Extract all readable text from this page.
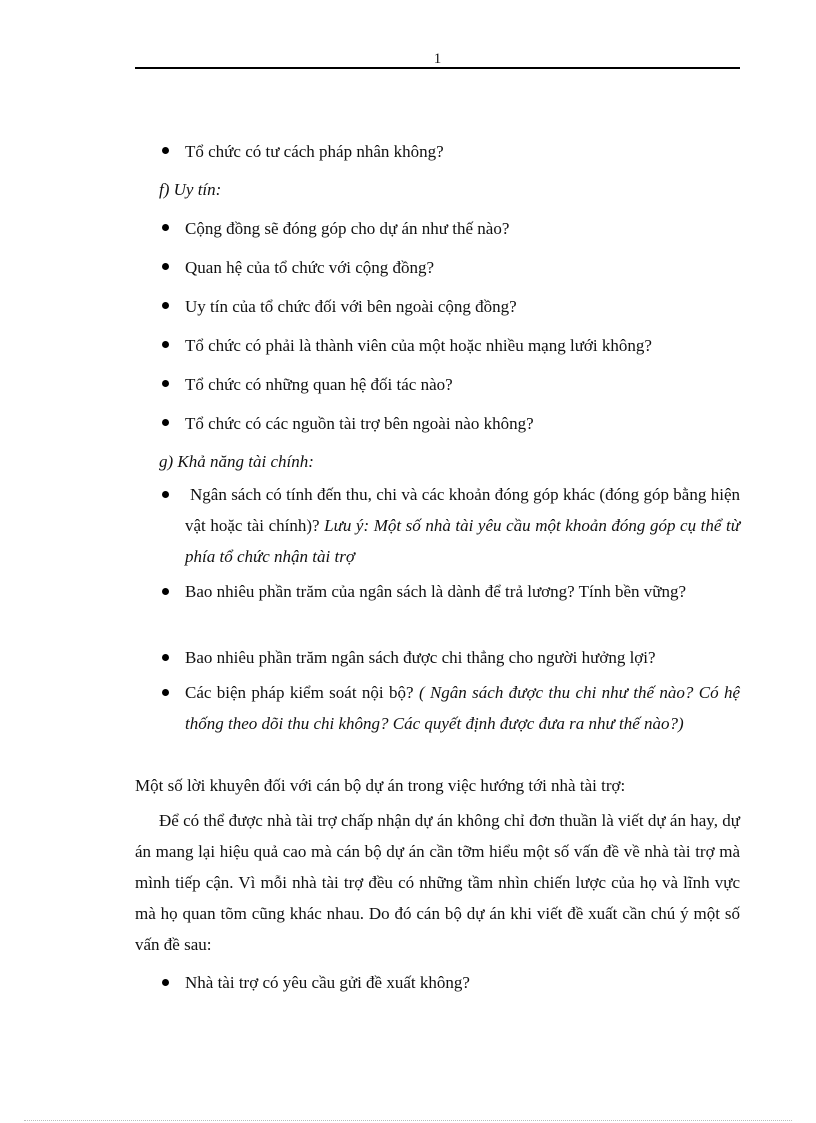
1
Tổ chức có tư cách pháp nhân không?
f) Uy tín:
Cộng đồng sẽ đóng góp cho dự án như thế nào?
Quan hệ của tổ chức với cộng đồng?
Uy tín của tổ chức đối với bên ngoài cộng đồng?
Tổ chức có phải là thành viên của một hoặc nhiều mạng lưới không?
Tổ chức có những quan hệ đối tác nào?
Tổ chức có các nguồn tài trợ bên ngoài nào không?
g) Khả năng tài chính:
Ngân sách có tính đến thu, chi và các khoản đóng góp khác (đóng góp bằng hiện vật hoặc tài chính)? Lưu ý: Một số nhà tài yêu cầu một khoản đóng góp cụ thể từ phía tổ chức nhận tài trợ
Bao nhiêu phần trăm của ngân sách là dành để trả lương? Tính bền vững?
Bao nhiêu phần trăm ngân sách được chi thẳng cho người hưởng lợi?
Các biện pháp kiểm soát nội bộ? ( Ngân sách được thu chi như thế nào? Có hệ thống theo dõi thu chi không? Các quyết định được đưa ra như thế nào?)
Một số lời khuyên đối với cán bộ dự án trong việc hướng tới nhà tài trợ:
Để có thể được nhà tài trợ chấp nhận dự án không chỉ đơn thuần là viết dự án hay, dự án mang lại hiệu quả cao mà cán bộ dự án cần tỡm hiểu một số vấn đề về nhà tài trợ mà mình tiếp cận. Vì mỗi nhà tài trợ đều có những tầm nhìn chiến lược của họ và lĩnh vực mà họ quan tõm cũng khác nhau. Do đó cán bộ dự án khi viết đề xuất cần chú ý một số vấn đề sau:
Nhà tài trợ có yêu cầu gửi đề xuất không?
